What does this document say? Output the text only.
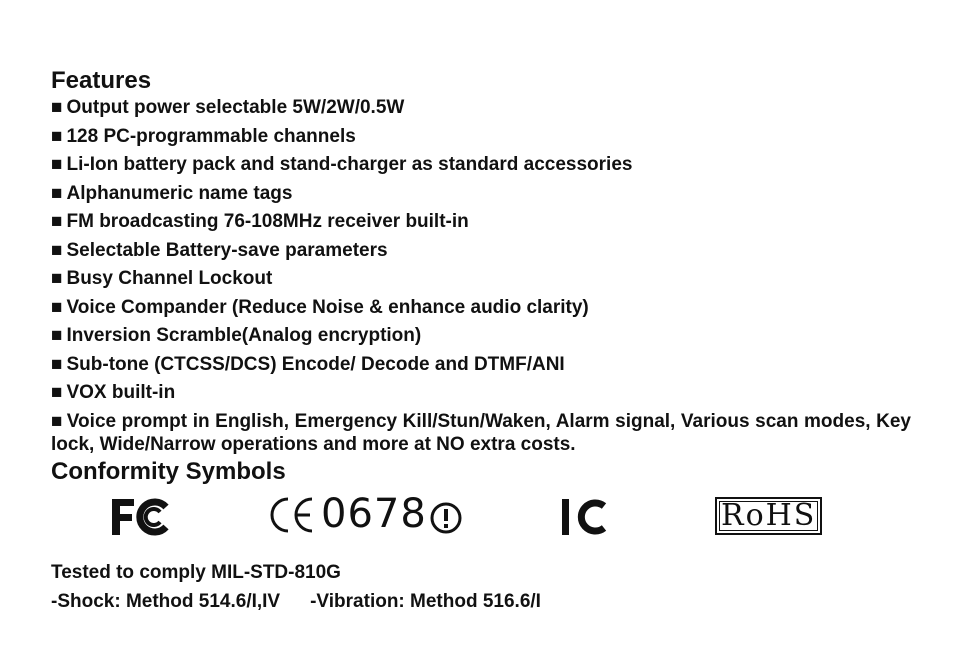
Features
■ Output power selectable 5W/2W/0.5W
■ 128 PC-programmable channels
■ Li-Ion battery pack and stand-charger as standard accessories
■ Alphanumeric name tags
■ FM broadcasting 76-108MHz receiver built-in
■ Selectable Battery-save parameters
■ Busy Channel Lockout
■ Voice Compander (Reduce Noise & enhance audio clarity)
■ Inversion Scramble(Analog encryption)
■ Sub-tone (CTCSS/DCS) Encode/ Decode and DTMF/ANI
■ VOX built-in
■ Voice prompt in English, Emergency Kill/Stun/Waken, Alarm signal, Various scan modes, Key lock, Wide/Narrow operations and more at NO extra costs.
Conformity Symbols
0678	RoHS

Tested to comply MIL-STD-810G

-Shock: Method 514.6/I,IV -Vibration: Method 516.6/I
